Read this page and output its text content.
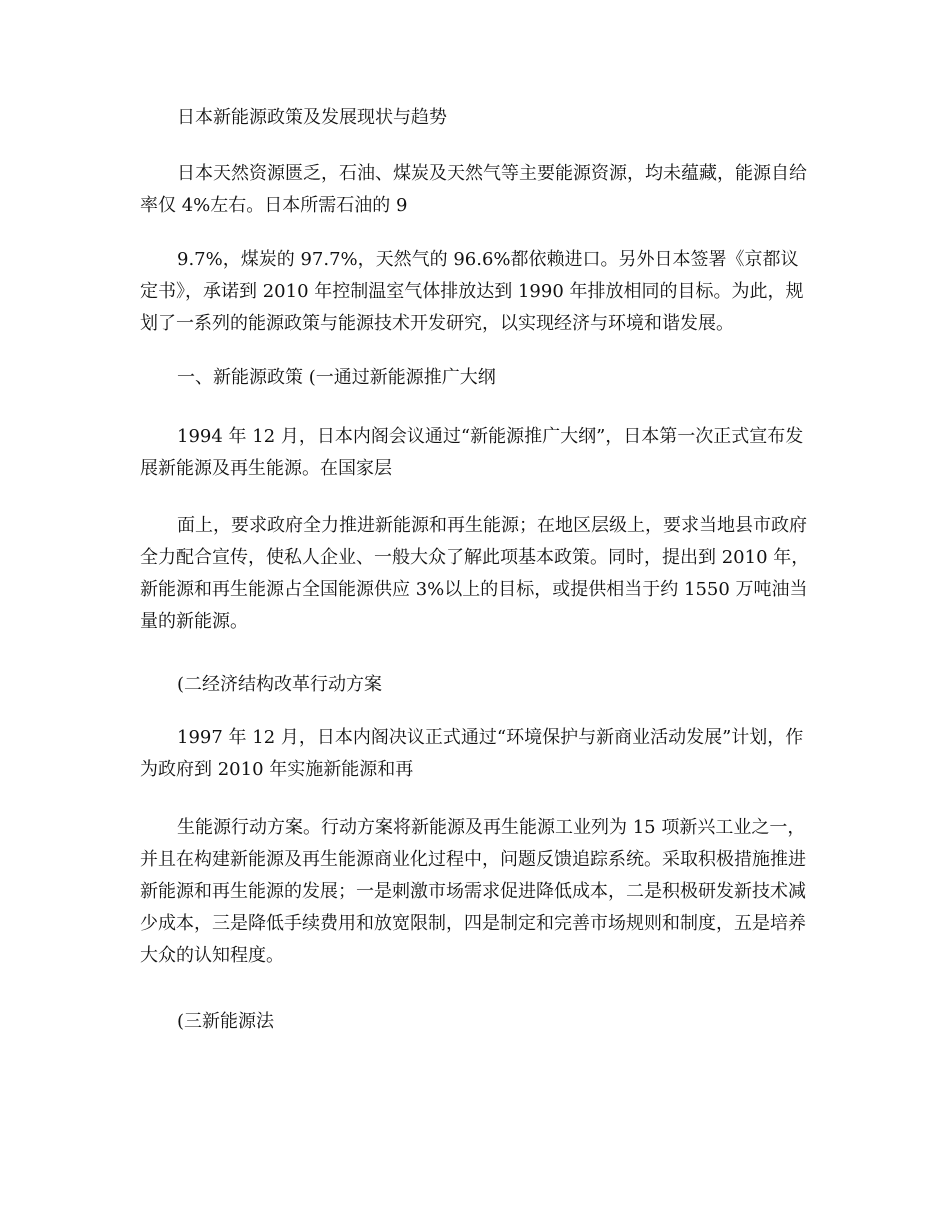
日本新能源政策及发展现状与趋势

日本天然资源匮乏，石油、煤炭及天然气等主要能源资源，均未蕴藏，能源自给率仅 4%左右。日本所需石油的 9

9.7%，煤炭的 97.7%，天然气的 96.6%都依赖进口。另外日本签署《京都议定书》，承诺到 2010 年控制温室气体排放达到 1990 年排放相同的目标。为此，规划了一系列的能源政策与能源技术开发研究，以实现经济与环境和谐发展。

一、新能源政策 (一通过新能源推广大纲

1994 年 12 月，日本内阁会议通过“新能源推广大纲”，日本第一次正式宣布发展新能源及再生能源。在国家层

面上，要求政府全力推进新能源和再生能源；在地区层级上，要求当地县市政府全力配合宣传，使私人企业、一般大众了解此项基本政策。同时，提出到 2010 年，新能源和再生能源占全国能源供应 3%以上的目标，或提供相当于约 1550 万吨油当量的新能源。

(二经济结构改革行动方案

1997 年 12 月，日本内阁决议正式通过“环境保护与新商业活动发展”计划，作为政府到 2010 年实施新能源和再

生能源行动方案。行动方案将新能源及再生能源工业列为 15 项新兴工业之一，并且在构建新能源及再生能源商业化过程中，问题反馈追踪系统。采取积极措施推进新能源和再生能源的发展；一是刺激市场需求促进降低成本，二是积极研发新技术减少成本，三是降低手续费用和放宽限制，四是制定和完善市场规则和制度，五是培养大众的认知程度。

(三新能源法
